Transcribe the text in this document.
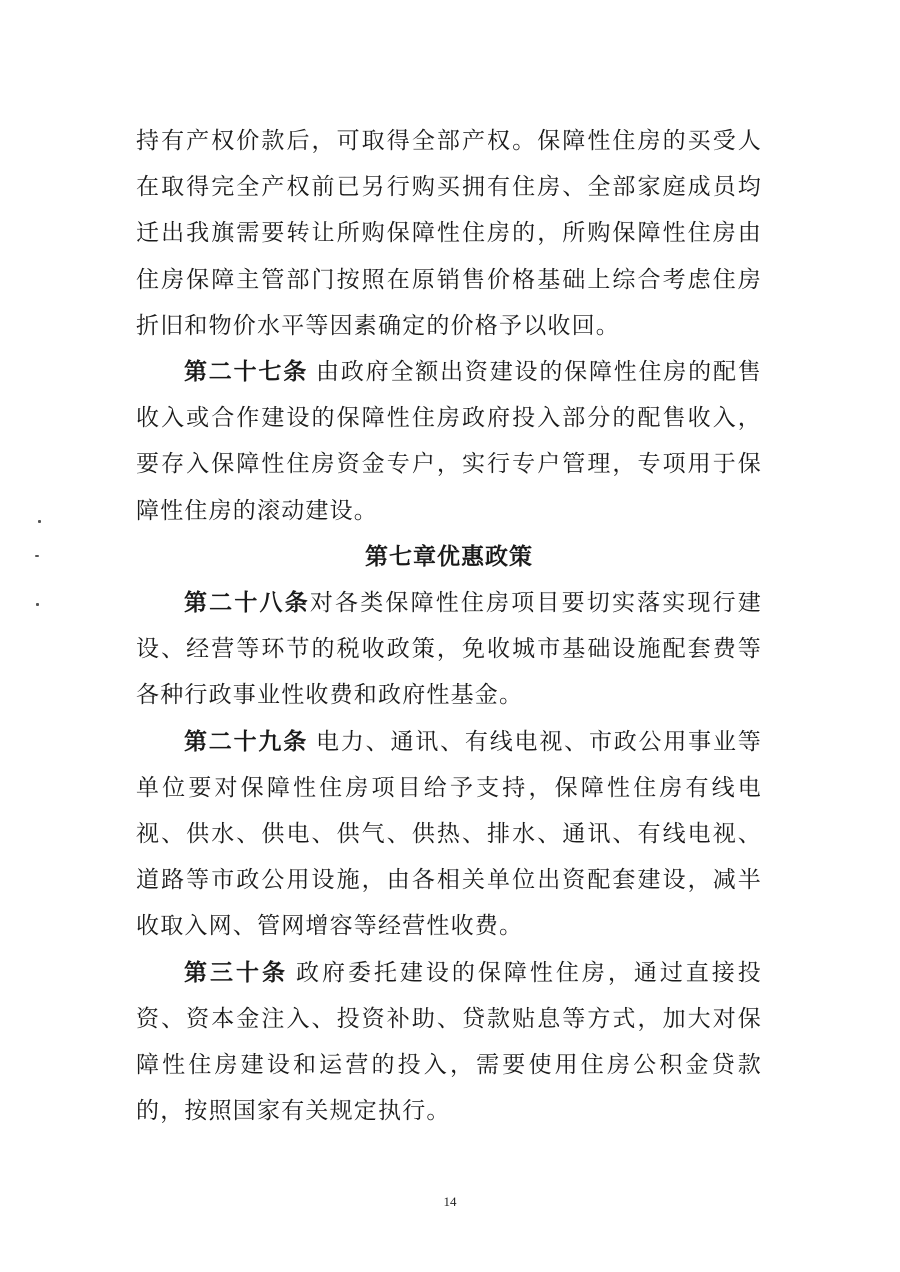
持有产权价款后，可取得全部产权。保障性住房的买受人在取得完全产权前已另行购买拥有住房、全部家庭成员均迁出我旗需要转让所购保障性住房的，所购保障性住房由住房保障主管部门按照在原销售价格基础上综合考虑住房折旧和物价水平等因素确定的价格予以收回。

第二十七条 由政府全额出资建设的保障性住房的配售收入或合作建设的保障性住房政府投入部分的配售收入，要存入保障性住房资金专户，实行专户管理，专项用于保障性住房的滚动建设。

第七章优惠政策

第二十八条对各类保障性住房项目要切实落实现行建设、经营等环节的税收政策，免收城市基础设施配套费等各种行政事业性收费和政府性基金。

第二十九条 电力、通讯、有线电视、市政公用事业等单位要对保障性住房项目给予支持，保障性住房有线电视、供水、供电、供气、供热、排水、通讯、有线电视、道路等市政公用设施，由各相关单位出资配套建设，减半收取入网、管网增容等经营性收费。

第三十条 政府委托建设的保障性住房，通过直接投资、资本金注入、投资补助、贷款贴息等方式，加大对保障性住房建设和运营的投入，需要使用住房公积金贷款的，按照国家有关规定执行。

14
